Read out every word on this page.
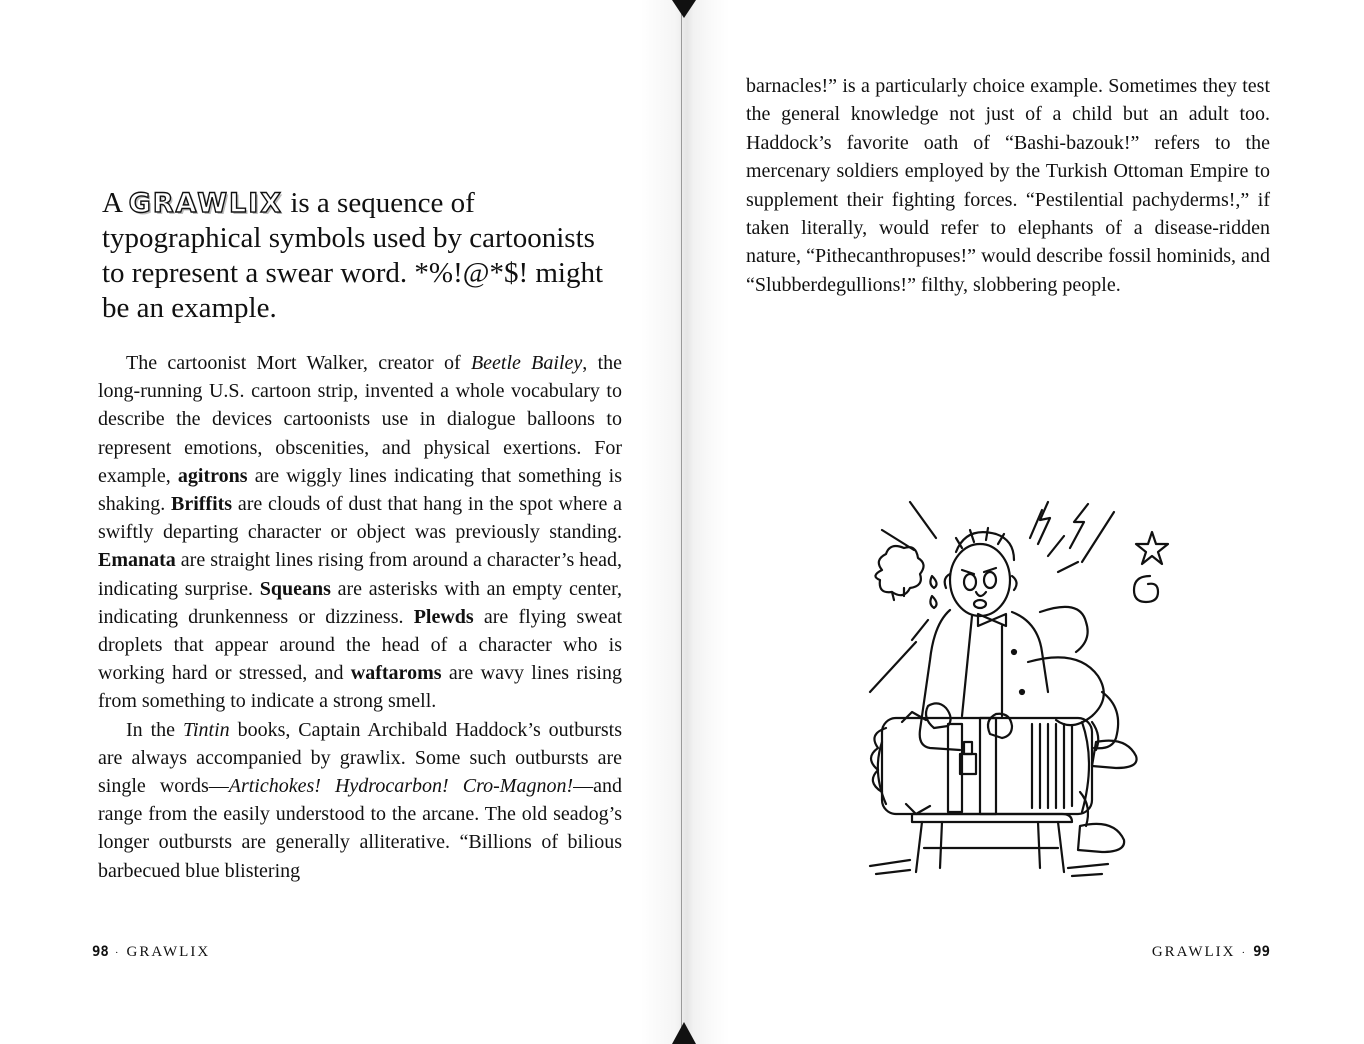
A GRAWLIX is a sequence of typographical symbols used by cartoonists to represent a swear word. *%!@*$! might be an example.

The cartoonist Mort Walker, creator of Beetle Bailey, the long-running U.S. cartoon strip, invented a whole vocabulary to describe the devices cartoonists use in dialogue balloons to represent emotions, obscenities, and physical exertions. For example, agitrons are wiggly lines indicating that something is shaking. Briffits are clouds of dust that hang in the spot where a swiftly departing character or object was previously standing. Emanata are straight lines rising from around a character’s head, indicating surprise. Squeans are asterisks with an empty center, indicating drunkenness or dizziness. Plewds are flying sweat droplets that appear around the head of a character who is working hard or stressed, and waftaroms are wavy lines rising from something to indicate a strong smell.

In the Tintin books, Captain Archibald Haddock’s outbursts are always accompanied by grawlix. Some such outbursts are single words—Artichokes! Hydrocarbon! Cro-Magnon!—and range from the easily understood to the arcane. The old seadog’s longer outbursts are generally alliterative. “Billions of bilious barbecued blue blistering

98 · GRAWLIX

barnacles!” is a particularly choice example. Sometimes they test the general knowledge not just of a child but an adult too. Haddock’s favorite oath of “Bashi-bazouk!” refers to the mercenary soldiers employed by the Turkish Ottoman Empire to supplement their fighting forces. “Pestilential pachyderms!,” if taken literally, would refer to elephants of a disease-ridden nature, “Pithecanthropuses!” would describe fossil hominids, and “Slubberdegullions!” filthy, slobbering people.

GRAWLIX · 99
